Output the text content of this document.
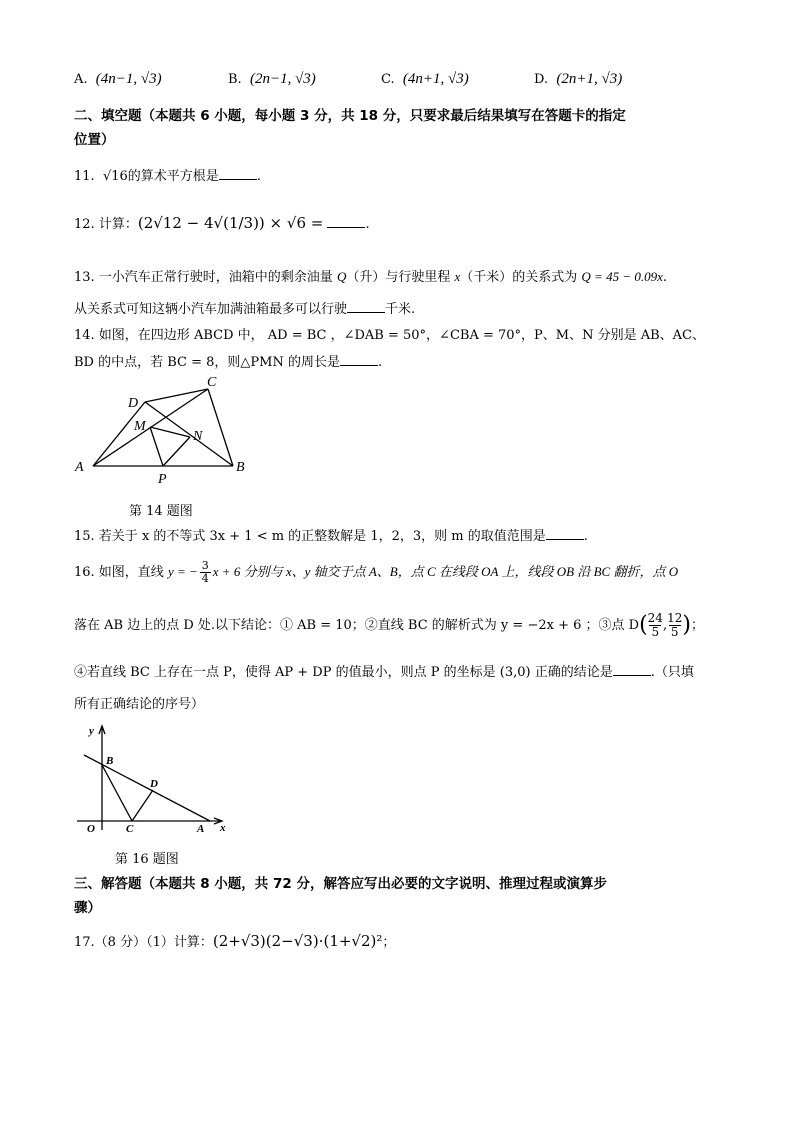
A. (4n−1, √3)	B. (2n−1, √3)	C. (4n+1, √3)	D. (2n+1, √3)
二、填空题（本题共 6 小题，每小题 3 分，共 18 分，只要求最后结果填写在答题卡的指定
位置）
11. √16的算术平方根是	.
12. 计算：(2√12 − 4√(1/3)) × √6 =	.
13. 一小汽车正常行驶时，油箱中的剩余油量 Q（升）与行驶里程 x（千米）的关系式为 Q = 45 − 0.09x.
从关系式可知这辆小汽车加满油箱最多可以行驶	千米.
14. 如图，在四边形 ABCD 中， AD = BC ，∠DAB = 50°，∠CBA = 70°，P、M、N 分别是 AB、AC、
BD 的中点，若 BC = 8，则△PMN 的周长是	.
A	B
C
D
M
N
P
第 14 题图
15. 若关于 x 的不等式 3x + 1 < m 的正整数解是 1，2，3，则 m 的取值范围是	.
16. 如图，直线 y = − $\frac{3}{4}$ x + 6 分别与 x、y 轴交于点 A、B，点 C 在线段 OA 上，线段 OB 沿 BC 翻折，点 O
落在 AB 边上的点 D 处.以下结论：① AB = 10；②直线 BC 的解析式为 y = −2x + 6 ；③点 $D( \frac{24}{5}$ , $\frac{12}{5}$ )；
④若直线 BC 上存在一点 P，使得 AP + DP 的值最小，则点 P 的坐标是 (3,0) 正确的结论是	.（只填
所有正确结论的序号）
y
x
O
B
C
D
A
第 16 题图
三、解答题（本题共 8 小题，共 72 分，解答应写出必要的文字说明、推理过程或演算步
骤）
17.（8 分）（1）计算：(2+√3)(2−√3)·(1+√2)²；
